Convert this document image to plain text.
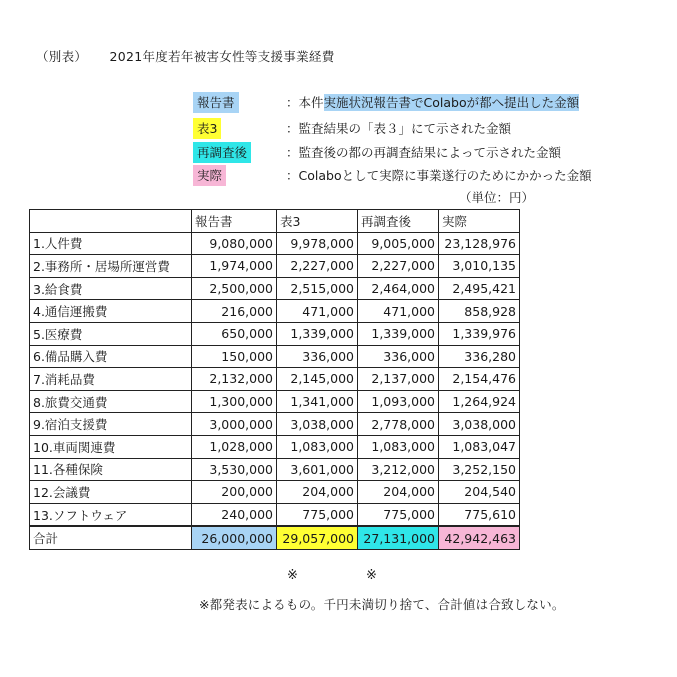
（別表） 2021年度若年被害女性等支援事業経費
報告書	：本件実施状況報告書でColaboが都へ提出した金額
表3	：監査結果の「表３」にて示された金額
再調査後	：監査後の都の再調査結果によって示された金額
実際	：Colaboとして実際に事業遂行のためにかかった金額
（単位：円）
	報告書	表3	再調査後	実際
1.人件費	9,080,000	9,978,000	9,005,000	23,128,976
2.事務所・居場所運営費	1,974,000	2,227,000	2,227,000	3,010,135
3.給食費	2,500,000	2,515,000	2,464,000	2,495,421
4.通信運搬費	216,000	471,000	471,000	858,928
5.医療費	650,000	1,339,000	1,339,000	1,339,976
6.備品購入費	150,000	336,000	336,000	336,280
7.消耗品費	2,132,000	2,145,000	2,137,000	2,154,476
8.旅費交通費	1,300,000	1,341,000	1,093,000	1,264,924
9.宿泊支援費	3,000,000	3,038,000	2,778,000	3,038,000
10.車両関連費	1,028,000	1,083,000	1,083,000	1,083,047
11.各種保険	3,530,000	3,601,000	3,212,000	3,252,150
12.会議費	200,000	204,000	204,000	204,540
13.ソフトウェア	240,000	775,000	775,000	775,610
合計	26,000,000	29,057,000	27,131,000	42,942,463
※	※
※都発表によるもの。千円未満切り捨て、合計値は合致しない。
